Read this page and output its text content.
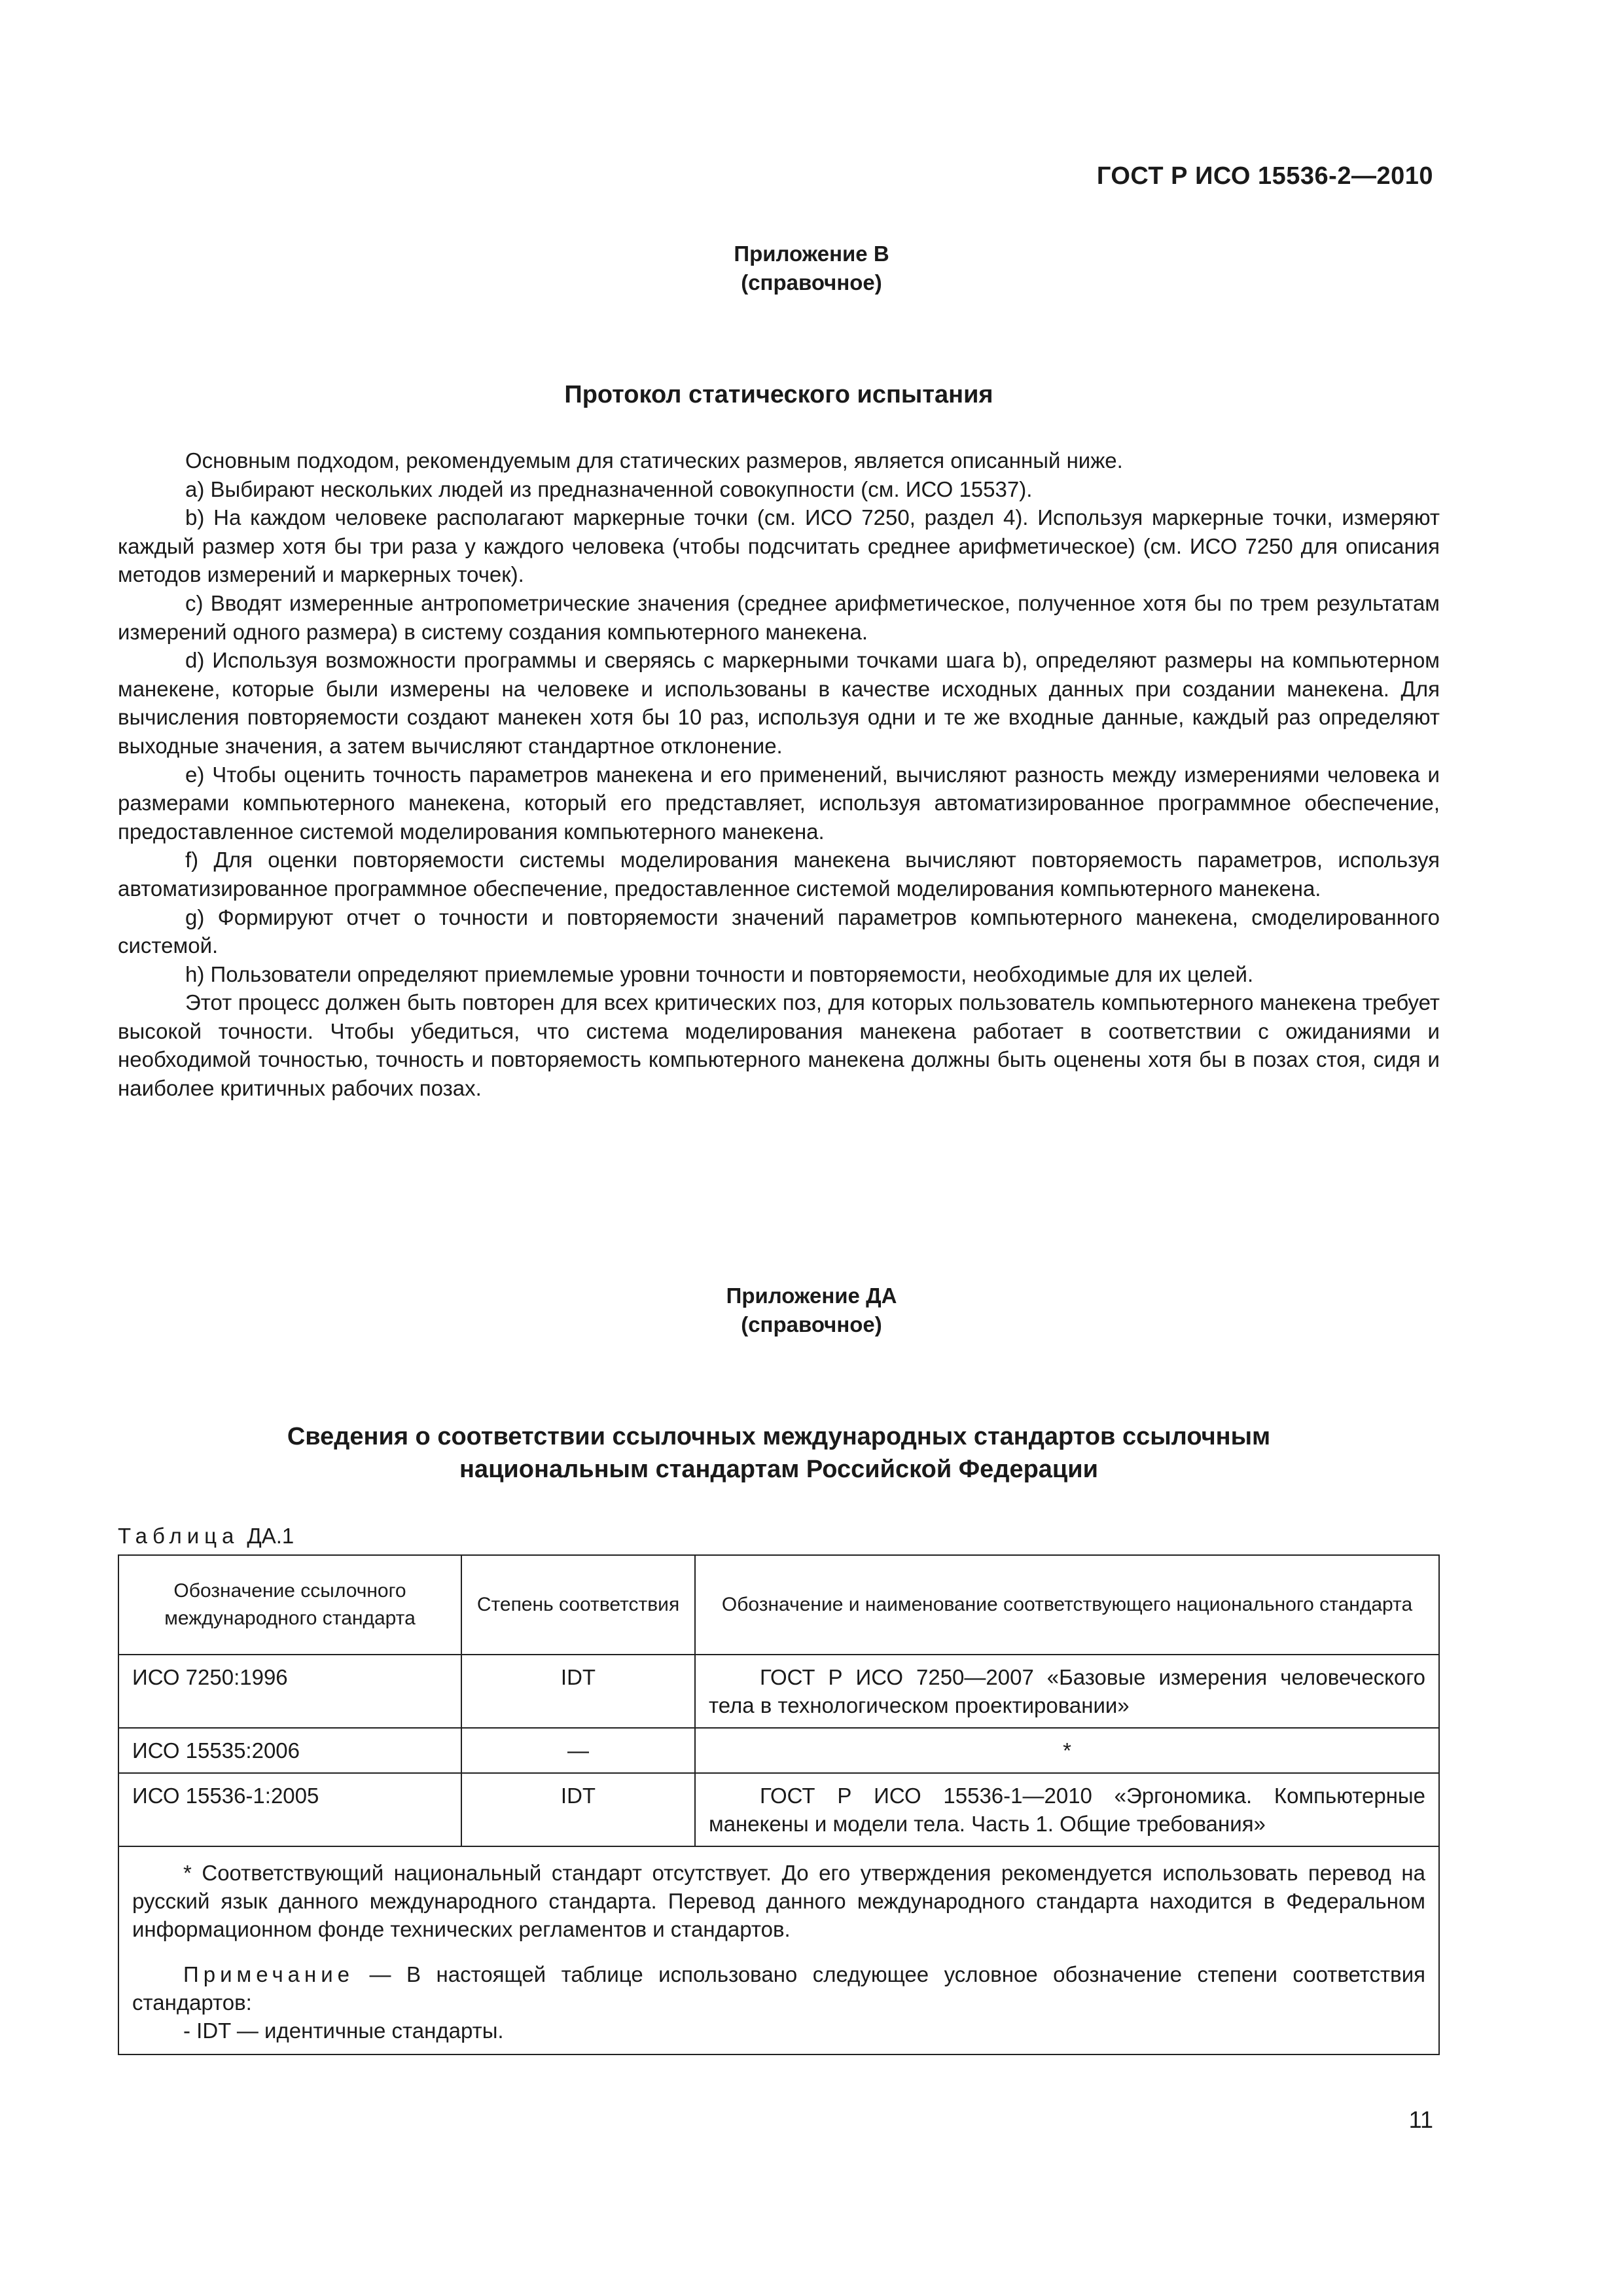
ГОСТ Р ИСО 15536-2—2010
Приложение B
(справочное)
Протокол статического испытания

Основным подходом, рекомендуемым для статических размеров, является описанный ниже.

a) Выбирают нескольких людей из предназначенной совокупности (см. ИСО 15537).

b) На каждом человеке располагают маркерные точки (см. ИСО 7250, раздел 4). Используя маркерные точки, измеряют каждый размер хотя бы три раза у каждого человека (чтобы подсчитать среднее арифметическое) (см. ИСО 7250 для описания методов измерений и маркерных точек).

c) Вводят измеренные антропометрические значения (среднее арифметическое, полученное хотя бы по трем результатам измерений одного размера) в систему создания компьютерного манекена.

d) Используя возможности программы и сверяясь с маркерными точками шага b), определяют размеры на компьютерном манекене, которые были измерены на человеке и использованы в качестве исходных данных при создании манекена. Для вычисления повторяемости создают манекен хотя бы 10 раз, используя одни и те же входные данные, каждый раз определяют выходные значения, а затем вычисляют стандартное отклонение.

e) Чтобы оценить точность параметров манекена и его применений, вычисляют разность между измерениями человека и размерами компьютерного манекена, который его представляет, используя автоматизированное программное обеспечение, предоставленное системой моделирования компьютерного манекена.

f) Для оценки повторяемости системы моделирования манекена вычисляют повторяемость параметров, используя автоматизированное программное обеспечение, предоставленное системой моделирования компьютерного манекена.

g) Формируют отчет о точности и повторяемости значений параметров компьютерного манекена, смоделированного системой.

h) Пользователи определяют приемлемые уровни точности и повторяемости, необходимые для их целей.

Этот процесс должен быть повторен для всех критических поз, для которых пользователь компьютерного манекена требует высокой точности. Чтобы убедиться, что система моделирования манекена работает в соответствии с ожиданиями и необходимой точностью, точность и повторяемость компьютерного манекена должны быть оценены хотя бы в позах стоя, сидя и наиболее критичных рабочих позах.

Приложение ДА
(справочное)
Сведения о соответствии ссылочных международных стандартов ссылочным
национальным стандартам Российской Федерации
Таблица ДА.1
Обозначение ссылочного международного стандарта	Степень соответствия	Обозначение и наименование соответствующего национального стандарта
ИСО 7250:1996	IDT	ГОСТ Р ИСО 7250—2007 «Базовые измерения человеческого тела в технологическом проектировании»
ИСО 15535:2006	—	*
ИСО 15536-1:2005	IDT	ГОСТ Р ИСО 15536-1—2010 «Эргономика. Компьютерные манекены и модели тела. Часть 1. Общие требования»

* Соответствующий национальный стандарт отсутствует. До его утверждения рекомендуется использовать перевод на русский язык данного международного стандарта. Перевод данного международного стандарта находится в Федеральном информационном фонде технических регламентов и стандартов.

Примечание — В настоящей таблице использовано следующее условное обозначение степени соответствия стандартов:

- IDT — идентичные стандарты.		

11
